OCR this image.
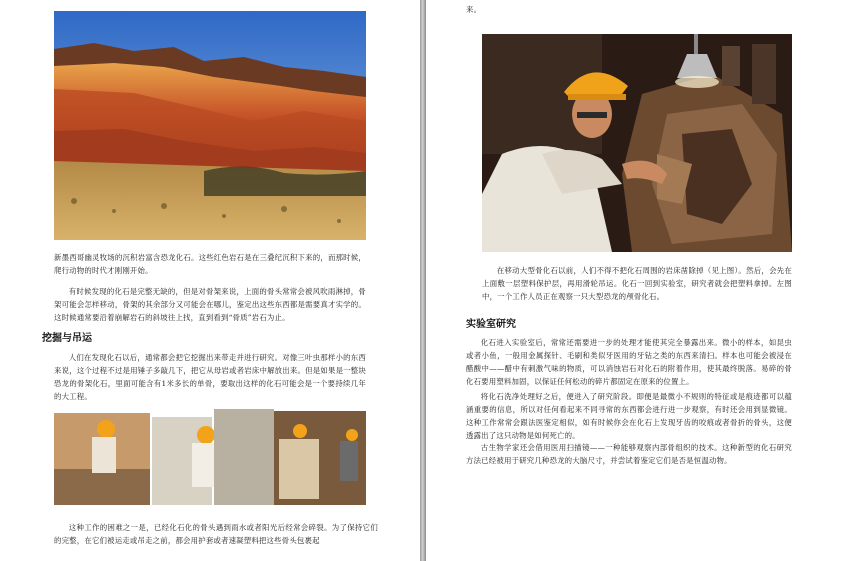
新墨西哥幽灵牧场的沉积岩富含恐龙化石。这些红色岩石是在三叠纪沉积下来的，而那时候，爬行动物的时代才刚刚开始。

有时候发现的化石是完整无缺的，但是对骨架来说，上面的骨头常常会被风吹雨淋掉，骨架可能会怎样移动，骨架的其余部分又可能会在哪儿，鉴定出这些东西都是需要真才实学的。这时候通常要沿着崩解岩石的斜坡往上找，直到看到“骨质”岩石为止。

挖掘与吊运

人们在发现化石以后，通常都会把它挖掘出来带走并进行研究。对像三叶虫那样小的东西来说，这个过程不过是用锤子多敲几下，把它从母岩或者岩床中解放出来。但是如果是一整块恐龙的骨架化石，里面可能含有1米多长的单骨，要取出这样的化石可能会是一个要持续几年的大工程。

这种工作的困难之一是，已经化石化的骨头遇到雨水或者阳光后经常会碎裂。为了保持它们的完整，在它们被运走或吊走之前，都会用护套或者速凝塑料把这些骨头包裹起

来。

在移动大型骨化石以前，人们不得不把化石周围的岩床凿除掉（见上图）。然后，会先在上面敷一层塑料保护层，再用滑轮吊运。化石一回到实验室，研究者就会把塑料拿掉。左图中，一个工作人员正在观察一只大型恐龙的颅骨化石。

实验室研究

化石进入实验室后，常常还需要进一步的处理才能使其完全暴露出来。微小的样本，如昆虫或者小鱼，一般用金属探针、毛刷和类似牙医用的牙钻之类的东西来清扫。样本也可能会被浸在醋酸中——醋中有刺激气味的物质，可以消蚀岩石对化石的附着作用，使其最终脱落。易碎的骨化石要用塑料加固，以保证任何松动的碎片都固定在原来的位置上。

将化石洗净处理好之后，便进入了研究阶段。即便是最微小不规则的特征或是痕迹都可以蕴涵重要的信息，所以对任何看起来不同寻常的东西都会进行进一步观察，有时还会用到显微镜。这种工作常常会跟法医鉴定相似，如有时候你会在化石上发现牙齿的咬痕或者骨折的骨头，这便透露出了这只动物是如何死亡的。

古生物学家还会借用医用扫描镜——一种能够观察内部骨组织的技术。这种新型的化石研究方法已经被用于研究几种恐龙的大脑尺寸，并尝试着鉴定它们是否是恒温动物。
